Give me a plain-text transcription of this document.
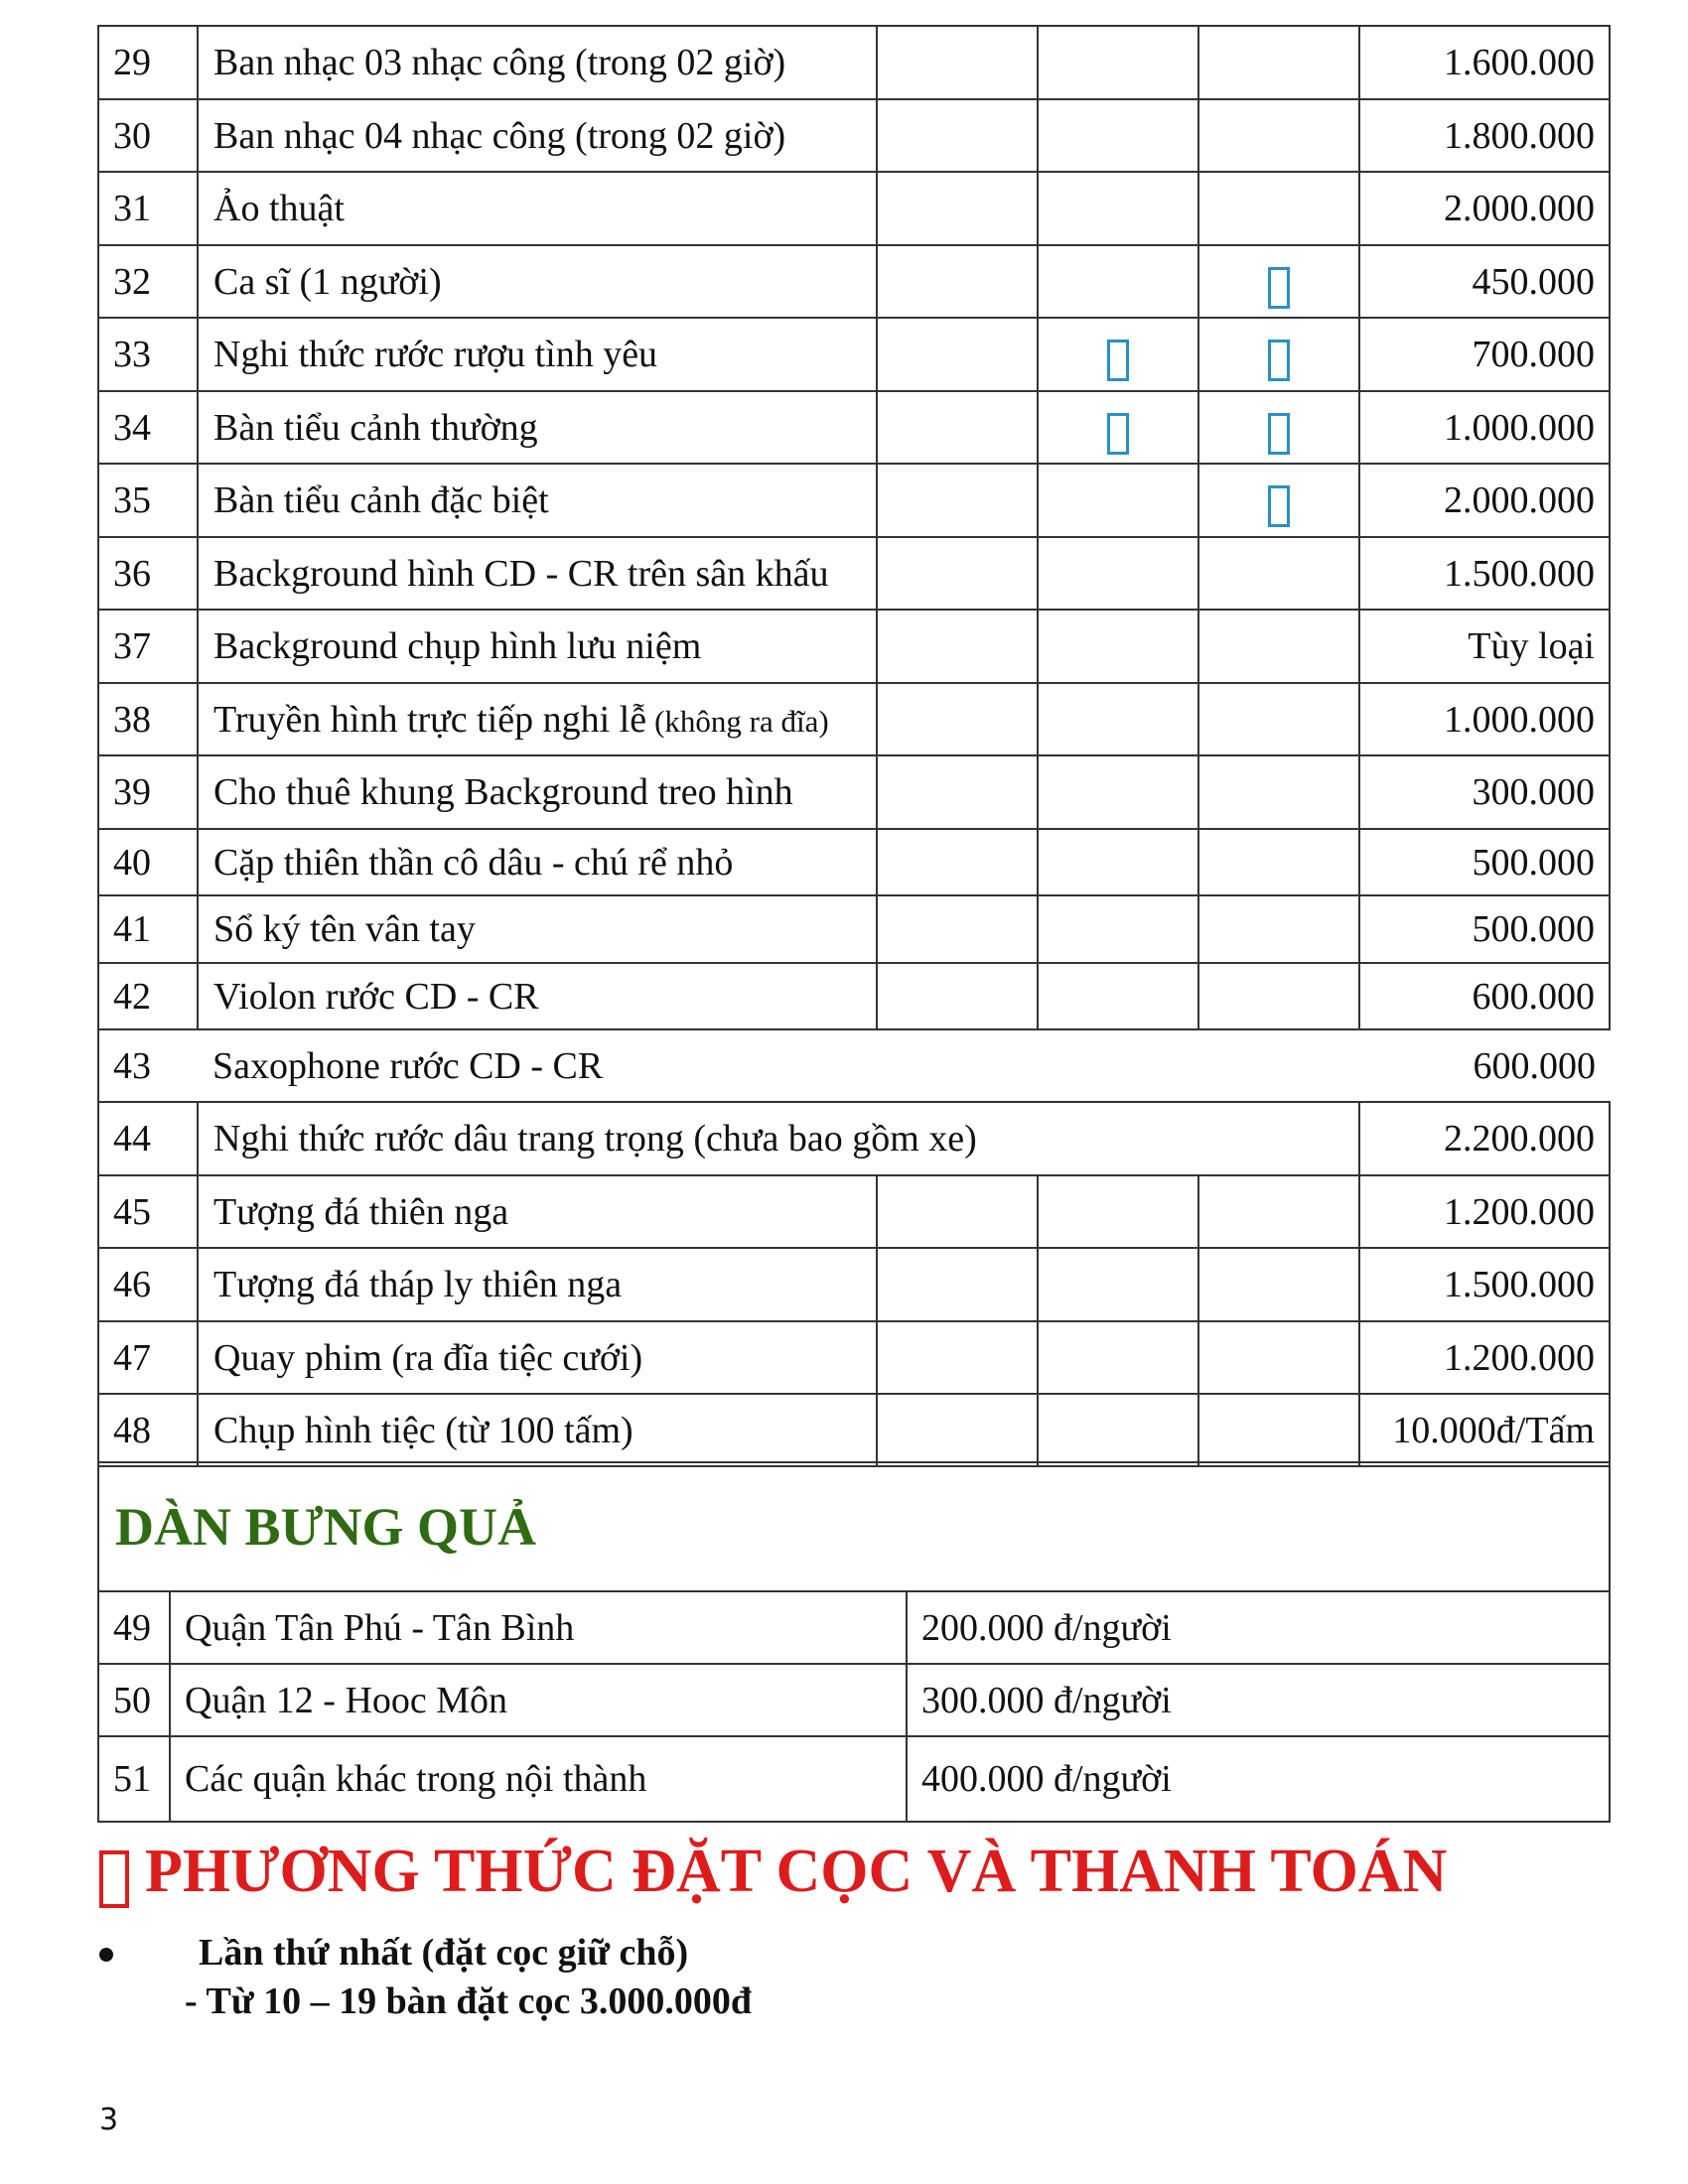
29	Ban nhạc 03 nhạc công (trong 02 giờ)				1.600.000
30	Ban nhạc 04 nhạc công (trong 02 giờ)				1.800.000
31	Ảo thuật				2.000.000
32	Ca sĩ (1 người)				450.000
33	Nghi thức rước rượu tình yêu				700.000
34	Bàn tiểu cảnh thường				1.000.000
35	Bàn tiểu cảnh đặc biệt				2.000.000
36	Background hình CD - CR trên sân khấu				1.500.000
37	Background chụp hình lưu niệm				Tùy loại
38	Truyền hình trực tiếp nghi lễ (không ra đĩa)				1.000.000
39	Cho thuê khung Background treo hình				300.000
40	Cặp thiên thần cô dâu - chú rể nhỏ				500.000
41	Sổ ký tên vân tay				500.000
42	Violon rước CD - CR				600.000
43	Saxophone rước CD - CR				600.000
44	Nghi thức rước dâu trang trọng (chưa bao gồm xe)				2.200.000
45	Tượng đá thiên nga				1.200.000
46	Tượng đá tháp ly thiên nga				1.500.000
47	Quay phim (ra đĩa tiệc cưới)				1.200.000
48	Chụp hình tiệc (từ 100 tấm)				10.000đ/Tấm
DÀN BƯNG QUẢ		
49	Quận Tân Phú - Tân Bình	200.000 đ/người
50	Quận 12 - Hooc Môn	300.000 đ/người
51	Các quận khác trong nội thành	400.000 đ/người
PHƯƠNG THỨC ĐẶT CỌC VÀ THANH TOÁN
Lần thứ nhất (đặt cọc giữ chỗ)
- Từ 10 – 19 bàn đặt cọc 3.000.000đ
3
